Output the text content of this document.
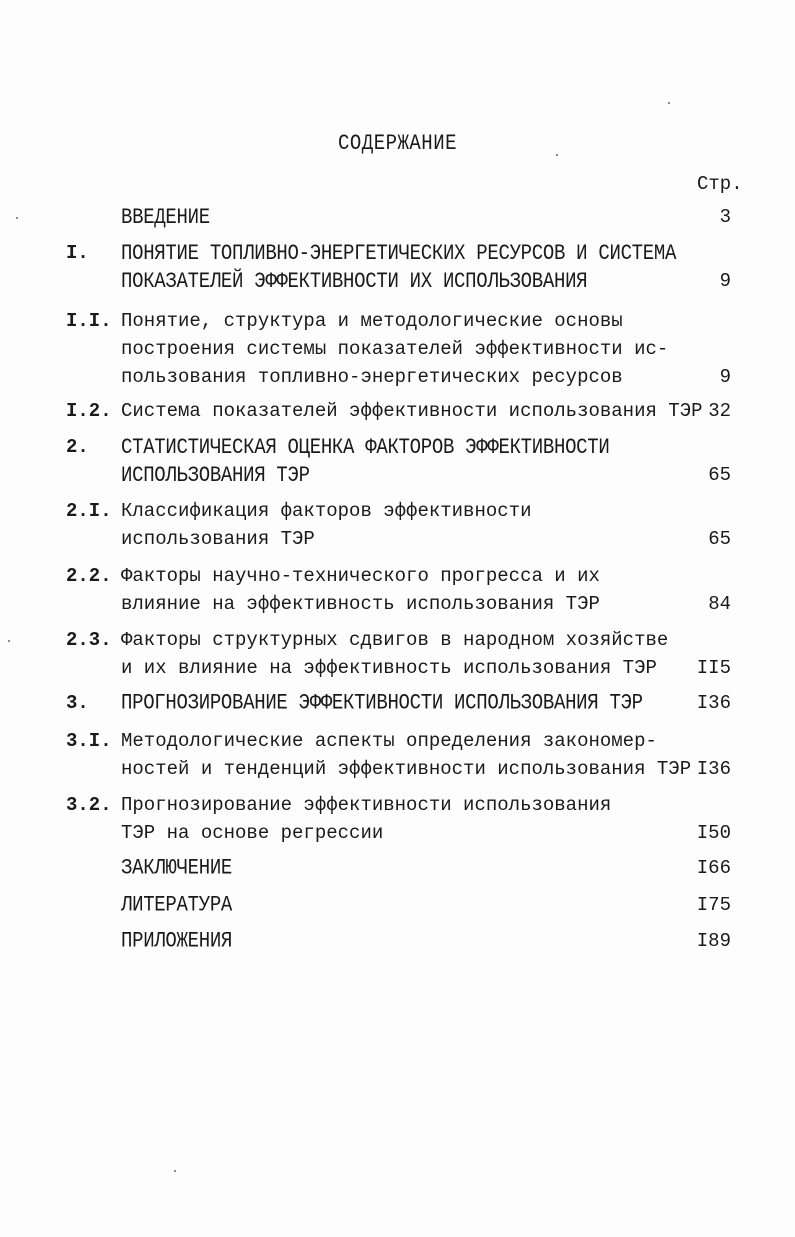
СОДЕРЖАНИЕ
Стр.
ВВЕДЕНИЕ	3
I. ПОНЯТИЕ ТОПЛИВНО-ЭНЕРГЕТИЧЕСКИХ РЕСУРСОВ И СИСТЕМА
ПОКАЗАТЕЛЕЙ ЭФФЕКТИВНОСТИ ИХ ИСПОЛЬЗОВАНИЯ	9
I.I. Понятие, структура и методологические основы
построения системы показателей эффективности ис-
пользования топливно-энергетических ресурсов	9
I.2. Система показателей эффективности использования ТЭР 32
2. СТАТИСТИЧЕСКАЯ ОЦЕНКА ФАКТОРОВ ЭФФЕКТИВНОСТИ
ИСПОЛЬЗОВАНИЯ ТЭР	65
2.I. Классификация факторов эффективности
использования ТЭР	65
2.2. Факторы научно-технического прогресса и их
влияние на эффективность использования ТЭР	84
2.3. Факторы структурных сдвигов в народном хозяйстве
и их влияние на эффективность использования ТЭР II5
3. ПРОГНОЗИРОВАНИЕ ЭФФЕКТИВНОСТИ ИСПОЛЬЗОВАНИЯ ТЭР	I36
3.I. Методологические аспекты определения закономер-
ностей и тенденций эффективности использования ТЭР I36
3.2. Прогнозирование эффективности использования
ТЭР на основе регрессии	I50
ЗАКЛЮЧЕНИЕ	I66
ЛИТЕРАТУРА	I75
ПРИЛОЖЕНИЯ	I89
